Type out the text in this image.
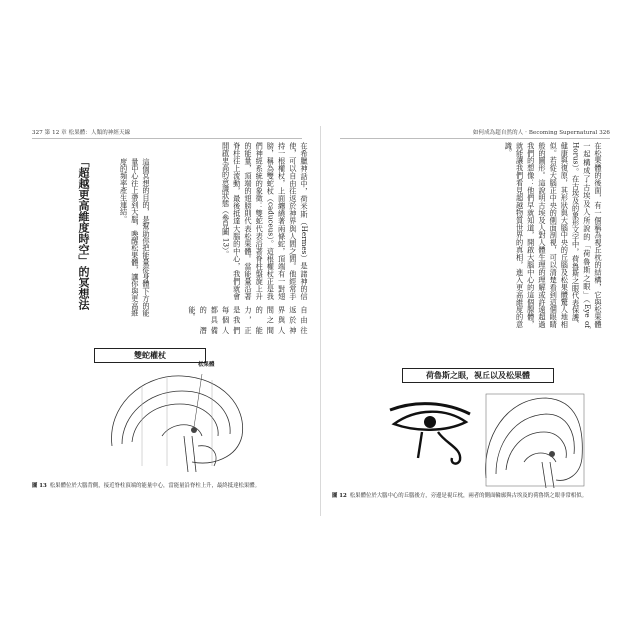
327 第 12 章 松果體：人類的神經天線
在希臘神話中，荷米斯（Hermes）是諸神的信使，可以自由往返於神界與人間之間。他經常手持一根權杖，上面纏繞著兩條蛇，頂端有一對翅膀，稱為雙蛇杖（caduceus）。這根權杖正是我們神經系統的象徵：雙蛇代表沿著脊柱盤旋上升的能量，頂端的翅膀則代表松果體。當能量沿著脊柱往上流動，最後抵達大腦的中心，我們就會開啟更高的意識狀態（參見圖 13）。
「超越更高維度時空」的冥想法	這個冥想的目的，是幫助你把能量從身體下方的能量中心往上帶到大腦，喚醒松果體，讓你與更高維度的頻率產生連結。
自由往返於神界與人間之間的能力，正是我們每個人都具備的潛能。
雙蛇權杖
松果體
圖 13 松果體位於大腦背側，接近脊柱頂端的能量中心，當能量沿脊柱上升，最終抵達松果體。
如何成為超自然的人 · Becoming Supernatural 326
在松果體的後面，有一個稱為視丘枕的結構，它與松果體一起構成了古埃及人所說的「荷魯斯之眼」（Eye of Horus）。在古埃及的象形文字中，荷魯斯之眼代表保護、健康與復原，其形狀與大腦中央的丘腦及松果體驚人地相似。若從大腦正中央的側面剖視，可以清楚看到這個眼睛般的圖形。這說明古埃及人對人體生理的理解或許遠超過我們的想像：他們早就知道，開啟大腦中心的這個腺體，就能讓我們看見超越物質世界的真相，進入更高維度的意識。
荷魯斯之眼，視丘以及松果體
圖 12 松果體位於大腦中心的丘腦後方，旁邊是視丘枕，兩者的側面輪廓與古埃及的荷魯斯之眼非常相似。
